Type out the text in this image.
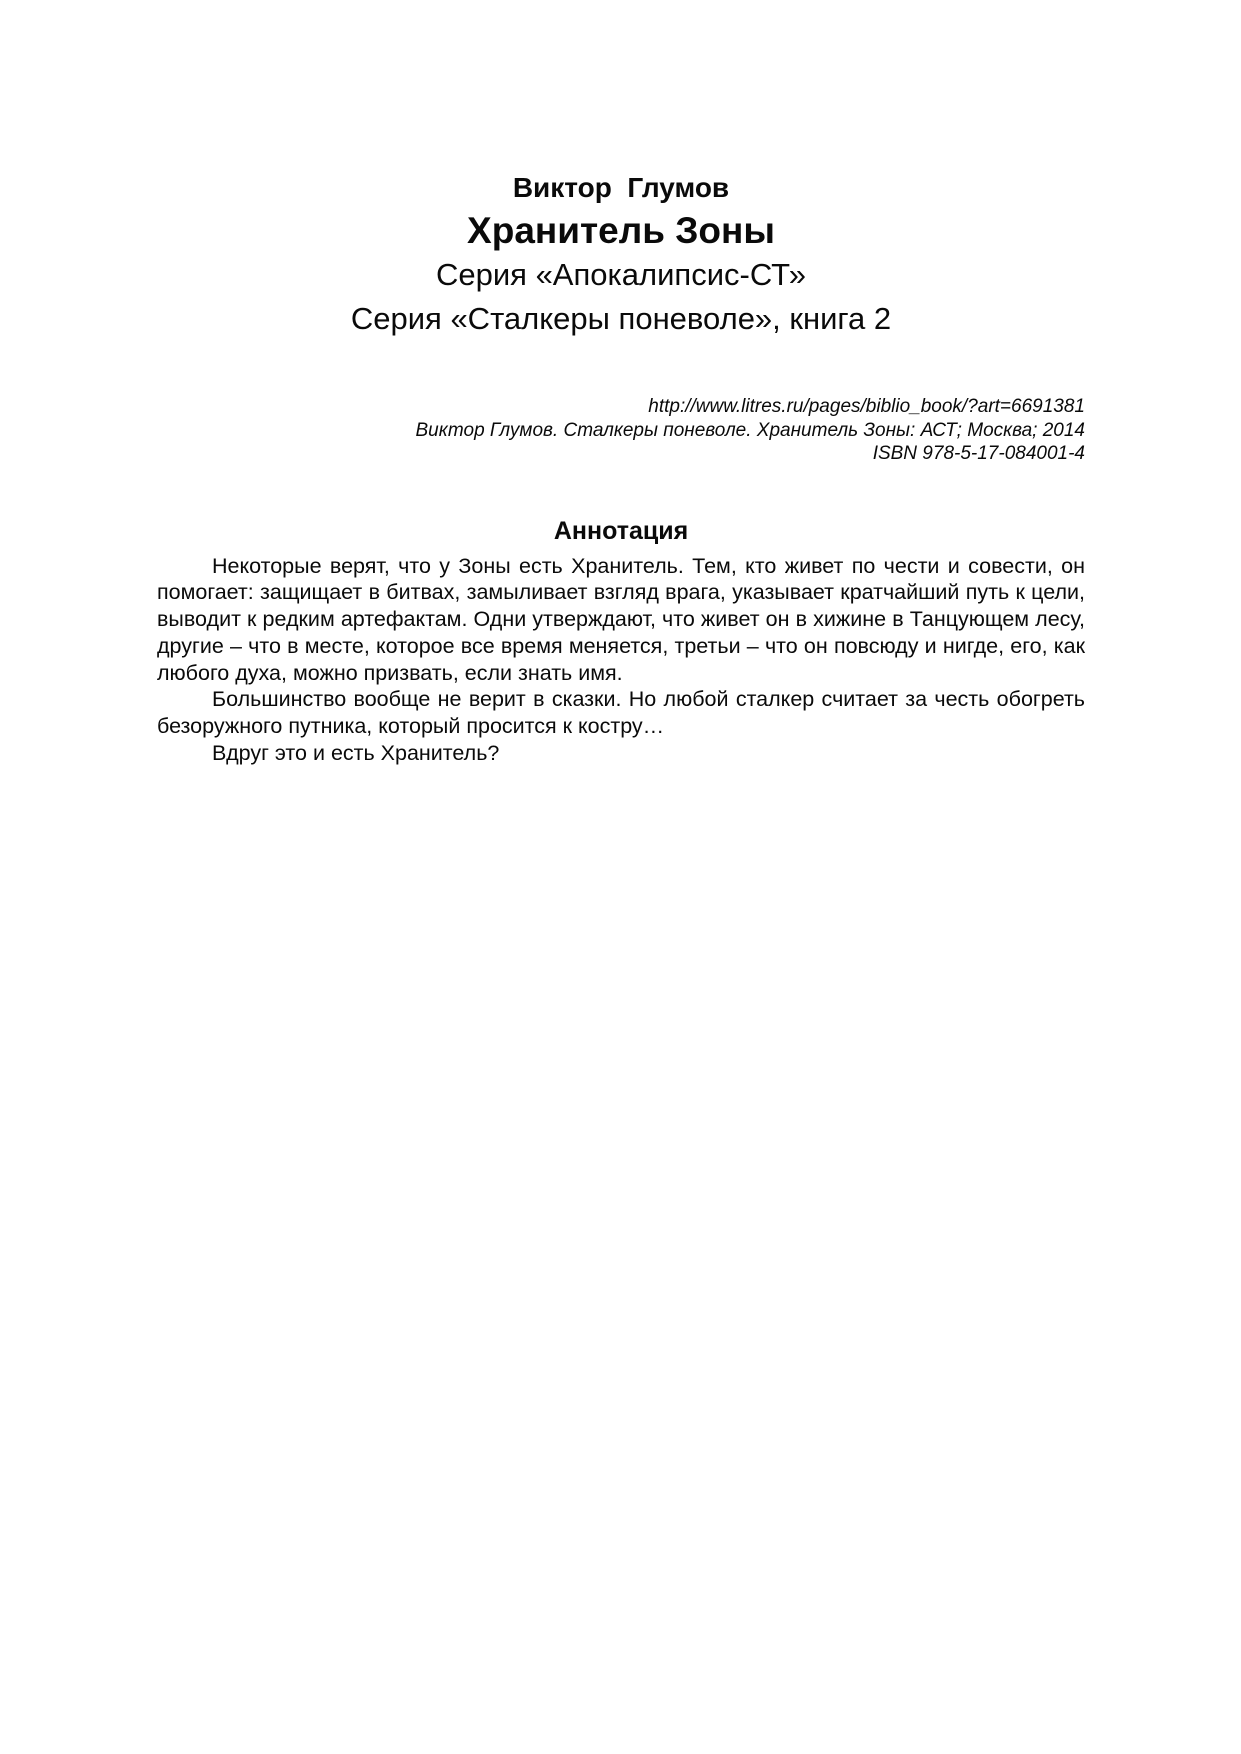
Виктор  Глумов
Хранитель Зоны
Серия «Апокалипсис-СТ»
Серия «Сталкеры поневоле», книга 2
http://www.litres.ru/pages/biblio_book/?art=6691381
Виктор Глумов. Сталкеры поневоле. Хранитель Зоны: АСТ; Москва; 2014
ISBN 978-5-17-084001-4
Аннотация

Некоторые верят, что у Зоны есть Хранитель. Тем, кто живет по чести и совести, он помогает: защищает в битвах, замыливает взгляд врага, указывает кратчайший путь к цели, выводит к редким артефактам. Одни утверждают, что живет он в хижине в Танцующем лесу, другие – что в месте, которое все время меняется, третьи – что он повсюду и нигде, его, как любого духа, можно призвать, если знать имя.

Большинство вообще не верит в сказки. Но любой сталкер считает за честь обогреть безоружного путника, который просится к костру…

Вдруг это и есть Хранитель?
